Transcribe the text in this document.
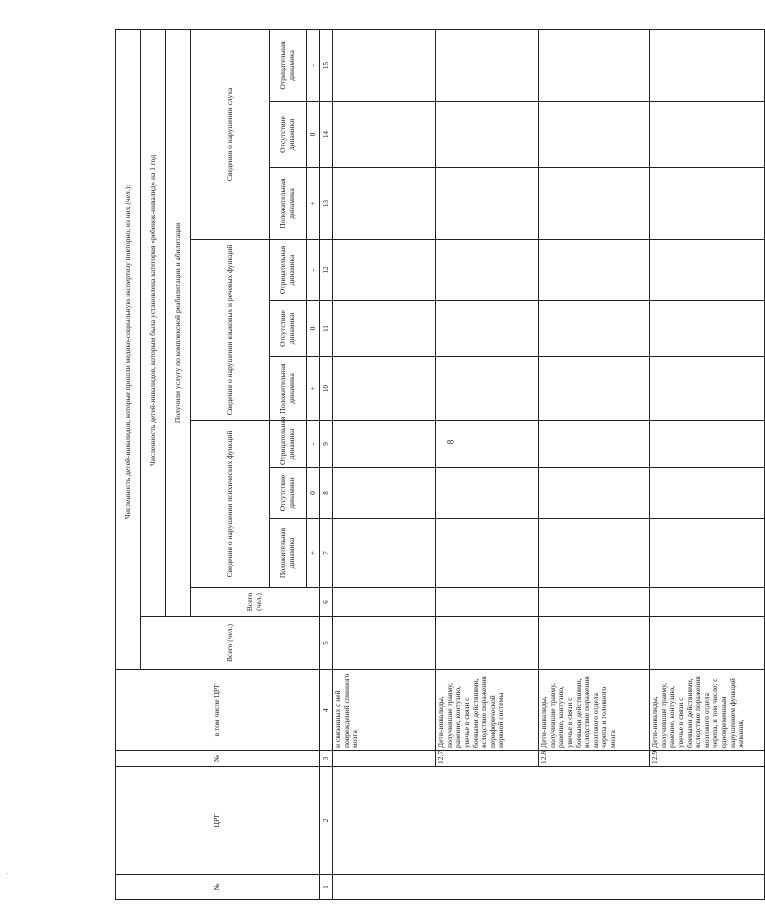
8
·
№	ЦРГ	№	в том числе ЦРГ	Численность детей-инвалидов, которые прошли медико-социальную экспертизу повторно, из них (чел.):										
				Всего (чел.)	Численность детей-инвалидов, которым была установлена категория «ребенок-инвалид» на 1 год									
					Получили услугу по комплексной реабилитации и абилитации									
					Всего (чел.)	Сведения о нарушении психических функций			Сведения о нарушении языковых и речевых функций			Сведения о нарушении слуха		
						Положительная динамика	Отсутствие динамики	Отрицательная динамика	Положительная динамика	Отсутствие динамики	Отрицательная динамика	Положительная динамика	Отсутствие динамики	Отрицательная динамика
						+	0	-	+	0	-	+	0	-
1	2	3	4	5	6	7	8	9	10	11	12	13	14	15
			и связанных с ней повреждений спинного мозга											
		12.7	Дети-инвалиды, получившие травму, ранение, контузию, увечье в связи с боевыми действиями, вследствие поражения периферической нервной системы											
		12.8	Дети-инвалиды, получившие травму, ранение, контузию, увечье в связи с боевыми действиями, вследствие поражения мозгового отдела черепа и головного мозга											
		12.9	Дети-инвалиды, получившие травму, ранение, контузию, увечье в связи с боевыми действиями, вследствие поражения мозгового отдела черепа, в том числе: с одновременным нарушением функций жевания,											
